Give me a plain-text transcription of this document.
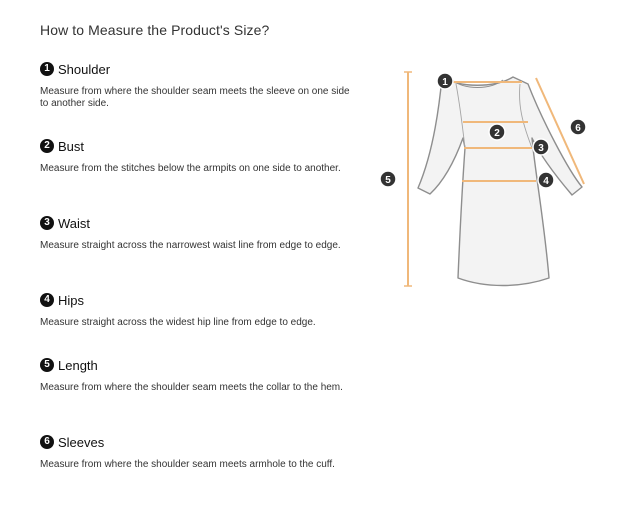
How to Measure the Product's Size?
1 Shoulder
Measure from where the shoulder seam meets the sleeve on one side to another side.
2 Bust
Measure from the stitches below the armpits on one side to another.
3 Waist
Measure straight across the narrowest waist line from edge to edge.
4 Hips
Measure straight across the widest hip line from edge to edge.
5 Length
Measure from where the shoulder seam meets the collar to the hem.
6 Sleeves
Measure from where the shoulder seam meets armhole to the cuff.
1
2
3
4
5
6
